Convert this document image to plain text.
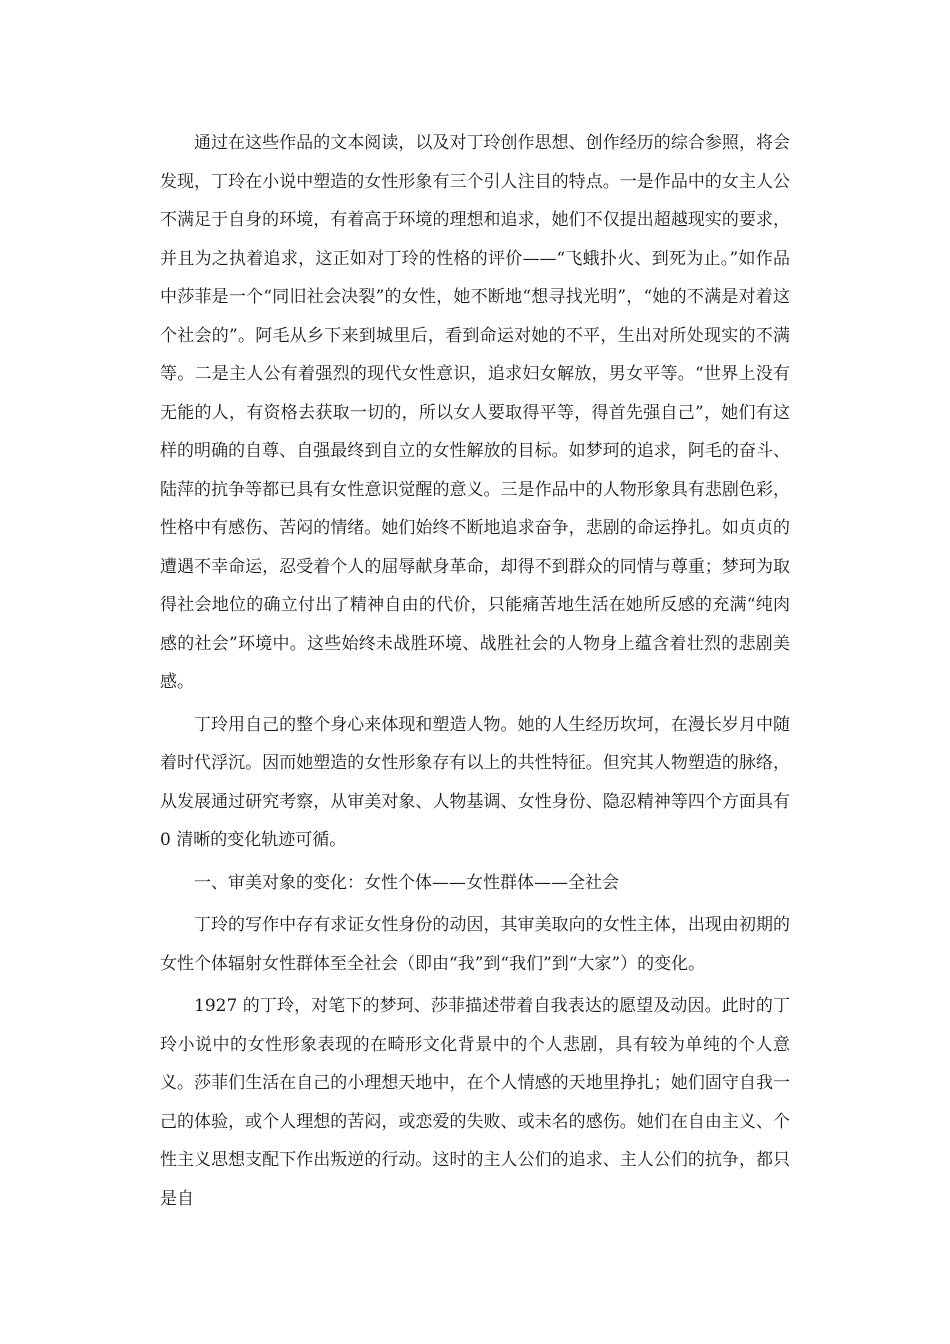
通过在这些作品的文本阅读，以及对丁玲创作思想、创作经历的综合参照，将会发现，丁玲在小说中塑造的女性形象有三个引人注目的特点。一是作品中的女主人公不满足于自身的环境，有着高于环境的理想和追求，她们不仅提出超越现实的要求，并且为之执着追求，这正如对丁玲的性格的评价——“飞蛾扑火、到死为止。”如作品中莎菲是一个“同旧社会决裂”的女性，她不断地“想寻找光明”，“她的不满是对着这个社会的”。阿毛从乡下来到城里后，看到命运对她的不平，生出对所处现实的不满等。二是主人公有着强烈的现代女性意识，追求妇女解放，男女平等。“世界上没有无能的人，有资格去获取一切的，所以女人要取得平等，得首先强自己”，她们有这样的明确的自尊、自强最终到自立的女性解放的目标。如梦珂的追求，阿毛的奋斗、陆萍的抗争等都已具有女性意识觉醒的意义。三是作品中的人物形象具有悲剧色彩，性格中有感伤、苦闷的情绪。她们始终不断地追求奋争，悲剧的命运挣扎。如贞贞的遭遇不幸命运，忍受着个人的屈辱献身革命，却得不到群众的同情与尊重；梦珂为取得社会地位的确立付出了精神自由的代价，只能痛苦地生活在她所反感的充满“纯肉感的社会”环境中。这些始终未战胜环境、战胜社会的人物身上蕴含着壮烈的悲剧美感。

丁玲用自己的整个身心来体现和塑造人物。她的人生经历坎坷，在漫长岁月中随着时代浮沉。因而她塑造的女性形象存有以上的共性特征。但究其人物塑造的脉络，从发展通过研究考察，从审美对象、人物基调、女性身份、隐忍精神等四个方面具有 0 清晰的变化轨迹可循。

一、审美对象的变化：女性个体——女性群体——全社会

丁玲的写作中存有求证女性身份的动因，其审美取向的女性主体，出现由初期的女性个体辐射女性群体至全社会（即由“我”到“我们”到“大家”）的变化。

1927 的丁玲，对笔下的梦珂、莎菲描述带着自我表达的愿望及动因。此时的丁玲小说中的女性形象表现的在畸形文化背景中的个人悲剧，具有较为单纯的个人意义。莎菲们生活在自己的小理想天地中，在个人情感的天地里挣扎；她们固守自我一己的体验，或个人理想的苦闷，或恋爱的失败、或未名的感伤。她们在自由主义、个性主义思想支配下作出叛逆的行动。这时的主人公们的追求、主人公们的抗争，都只是自
